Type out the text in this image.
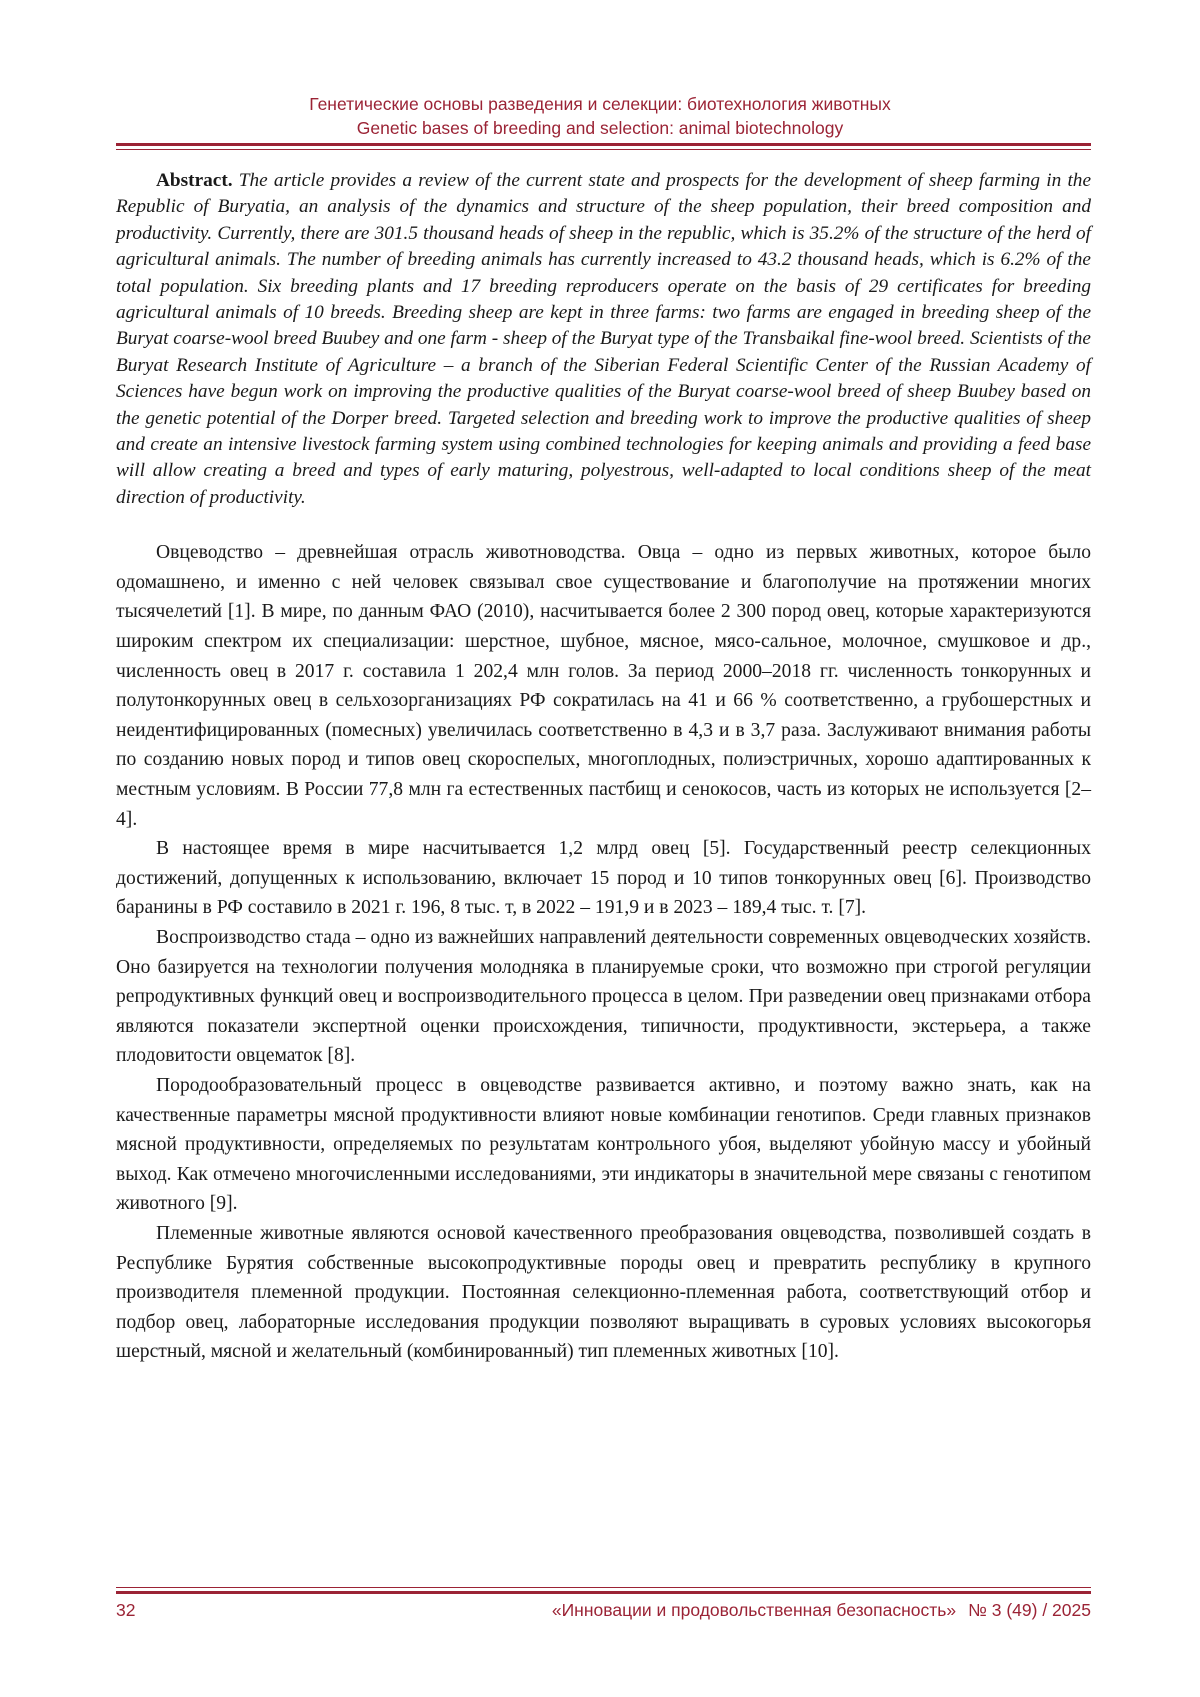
Генетические основы разведения и селекции: биотехнология животных
Genetic bases of breeding and selection: animal biotechnology

Abstract. The article provides a review of the current state and prospects for the development of sheep farming in the Republic of Buryatia, an analysis of the dynamics and structure of the sheep population, their breed composition and productivity. Currently, there are 301.5 thousand heads of sheep in the republic, which is 35.2% of the structure of the herd of agricultural animals. The number of breeding animals has currently increased to 43.2 thousand heads, which is 6.2% of the total population. Six breeding plants and 17 breeding reproducers operate on the basis of 29 certificates for breeding agricultural animals of 10 breeds. Breeding sheep are kept in three farms: two farms are engaged in breeding sheep of the Buryat coarse-wool breed Buubey and one farm - sheep of the Buryat type of the Transbaikal fine-wool breed. Scientists of the Buryat Research Institute of Agriculture – a branch of the Siberian Federal Scientific Center of the Russian Academy of Sciences have begun work on improving the productive qualities of the Buryat coarse-wool breed of sheep Buubey based on the genetic potential of the Dorper breed. Targeted selection and breeding work to improve the productive qualities of sheep and create an intensive livestock farming system using combined technologies for keeping animals and providing a feed base will allow creating a breed and types of early maturing, polyestrous, well-adapted to local conditions sheep of the meat direction of productivity.

Овцеводство – древнейшая отрасль животноводства. Овца – одно из первых животных, которое было одомашнено, и именно с ней человек связывал свое существование и благополучие на протяжении многих тысячелетий [1]. В мире, по данным ФАО (2010), насчитывается более 2 300 пород овец, которые характеризуются широким спектром их специализации: шерстное, шубное, мясное, мясо-сальное, молочное, смушковое и др., численность овец в 2017 г. составила 1 202,4 млн голов. За период 2000–2018 гг. численность тонкорунных и полутонкорунных овец в сельхозорганизациях РФ сократилась на 41 и 66 % соответственно, а грубошерстных и неидентифицированных (помесных) увеличилась соответственно в 4,3 и в 3,7 раза. Заслуживают внимания работы по созданию новых пород и типов овец скороспелых, многоплодных, полиэстричных, хорошо адаптированных к местным условиям. В России 77,8 млн га естественных пастбищ и сенокосов, часть из которых не используется [2–4].

В настоящее время в мире насчитывается 1,2 млрд овец [5]. Государственный реестр селекционных достижений, допущенных к использованию, включает 15 пород и 10 типов тонкорунных овец [6]. Производство баранины в РФ составило в 2021 г. 196, 8 тыс. т, в 2022 – 191,9 и в 2023 – 189,4 тыс. т. [7].

Воспроизводство стада – одно из важнейших направлений деятельности современных овцеводческих хозяйств. Оно базируется на технологии получения молодняка в планируемые сроки, что возможно при строгой регуляции репродуктивных функций овец и воспроизводительного процесса в целом. При разведении овец признаками отбора являются показатели экспертной оценки происхождения, типичности, продуктивности, экстерьера, а также плодовитости овцематок [8].

Породообразовательный процесс в овцеводстве развивается активно, и поэтому важно знать, как на качественные параметры мясной продуктивности влияют новые комбинации генотипов. Среди главных признаков мясной продуктивности, определяемых по результатам контрольного убоя, выделяют убойную массу и убойный выход. Как отмечено многочисленными исследованиями, эти индикаторы в значительной мере связаны с генотипом животного [9].

Племенные животные являются основой качественного преобразования овцеводства, позволившей создать в Республике Бурятия собственные высокопродуктивные породы овец и превратить республику в крупного производителя племенной продукции. Постоянная селекционно-племенная работа, соответствующий отбор и подбор овец, лабораторные исследования продукции позволяют выращивать в суровых условиях высокогорья шерстный, мясной и желательный (комбинированный) тип племенных животных [10].

32	«Инновации и продовольственная безопасность» № 3 (49) / 2025
